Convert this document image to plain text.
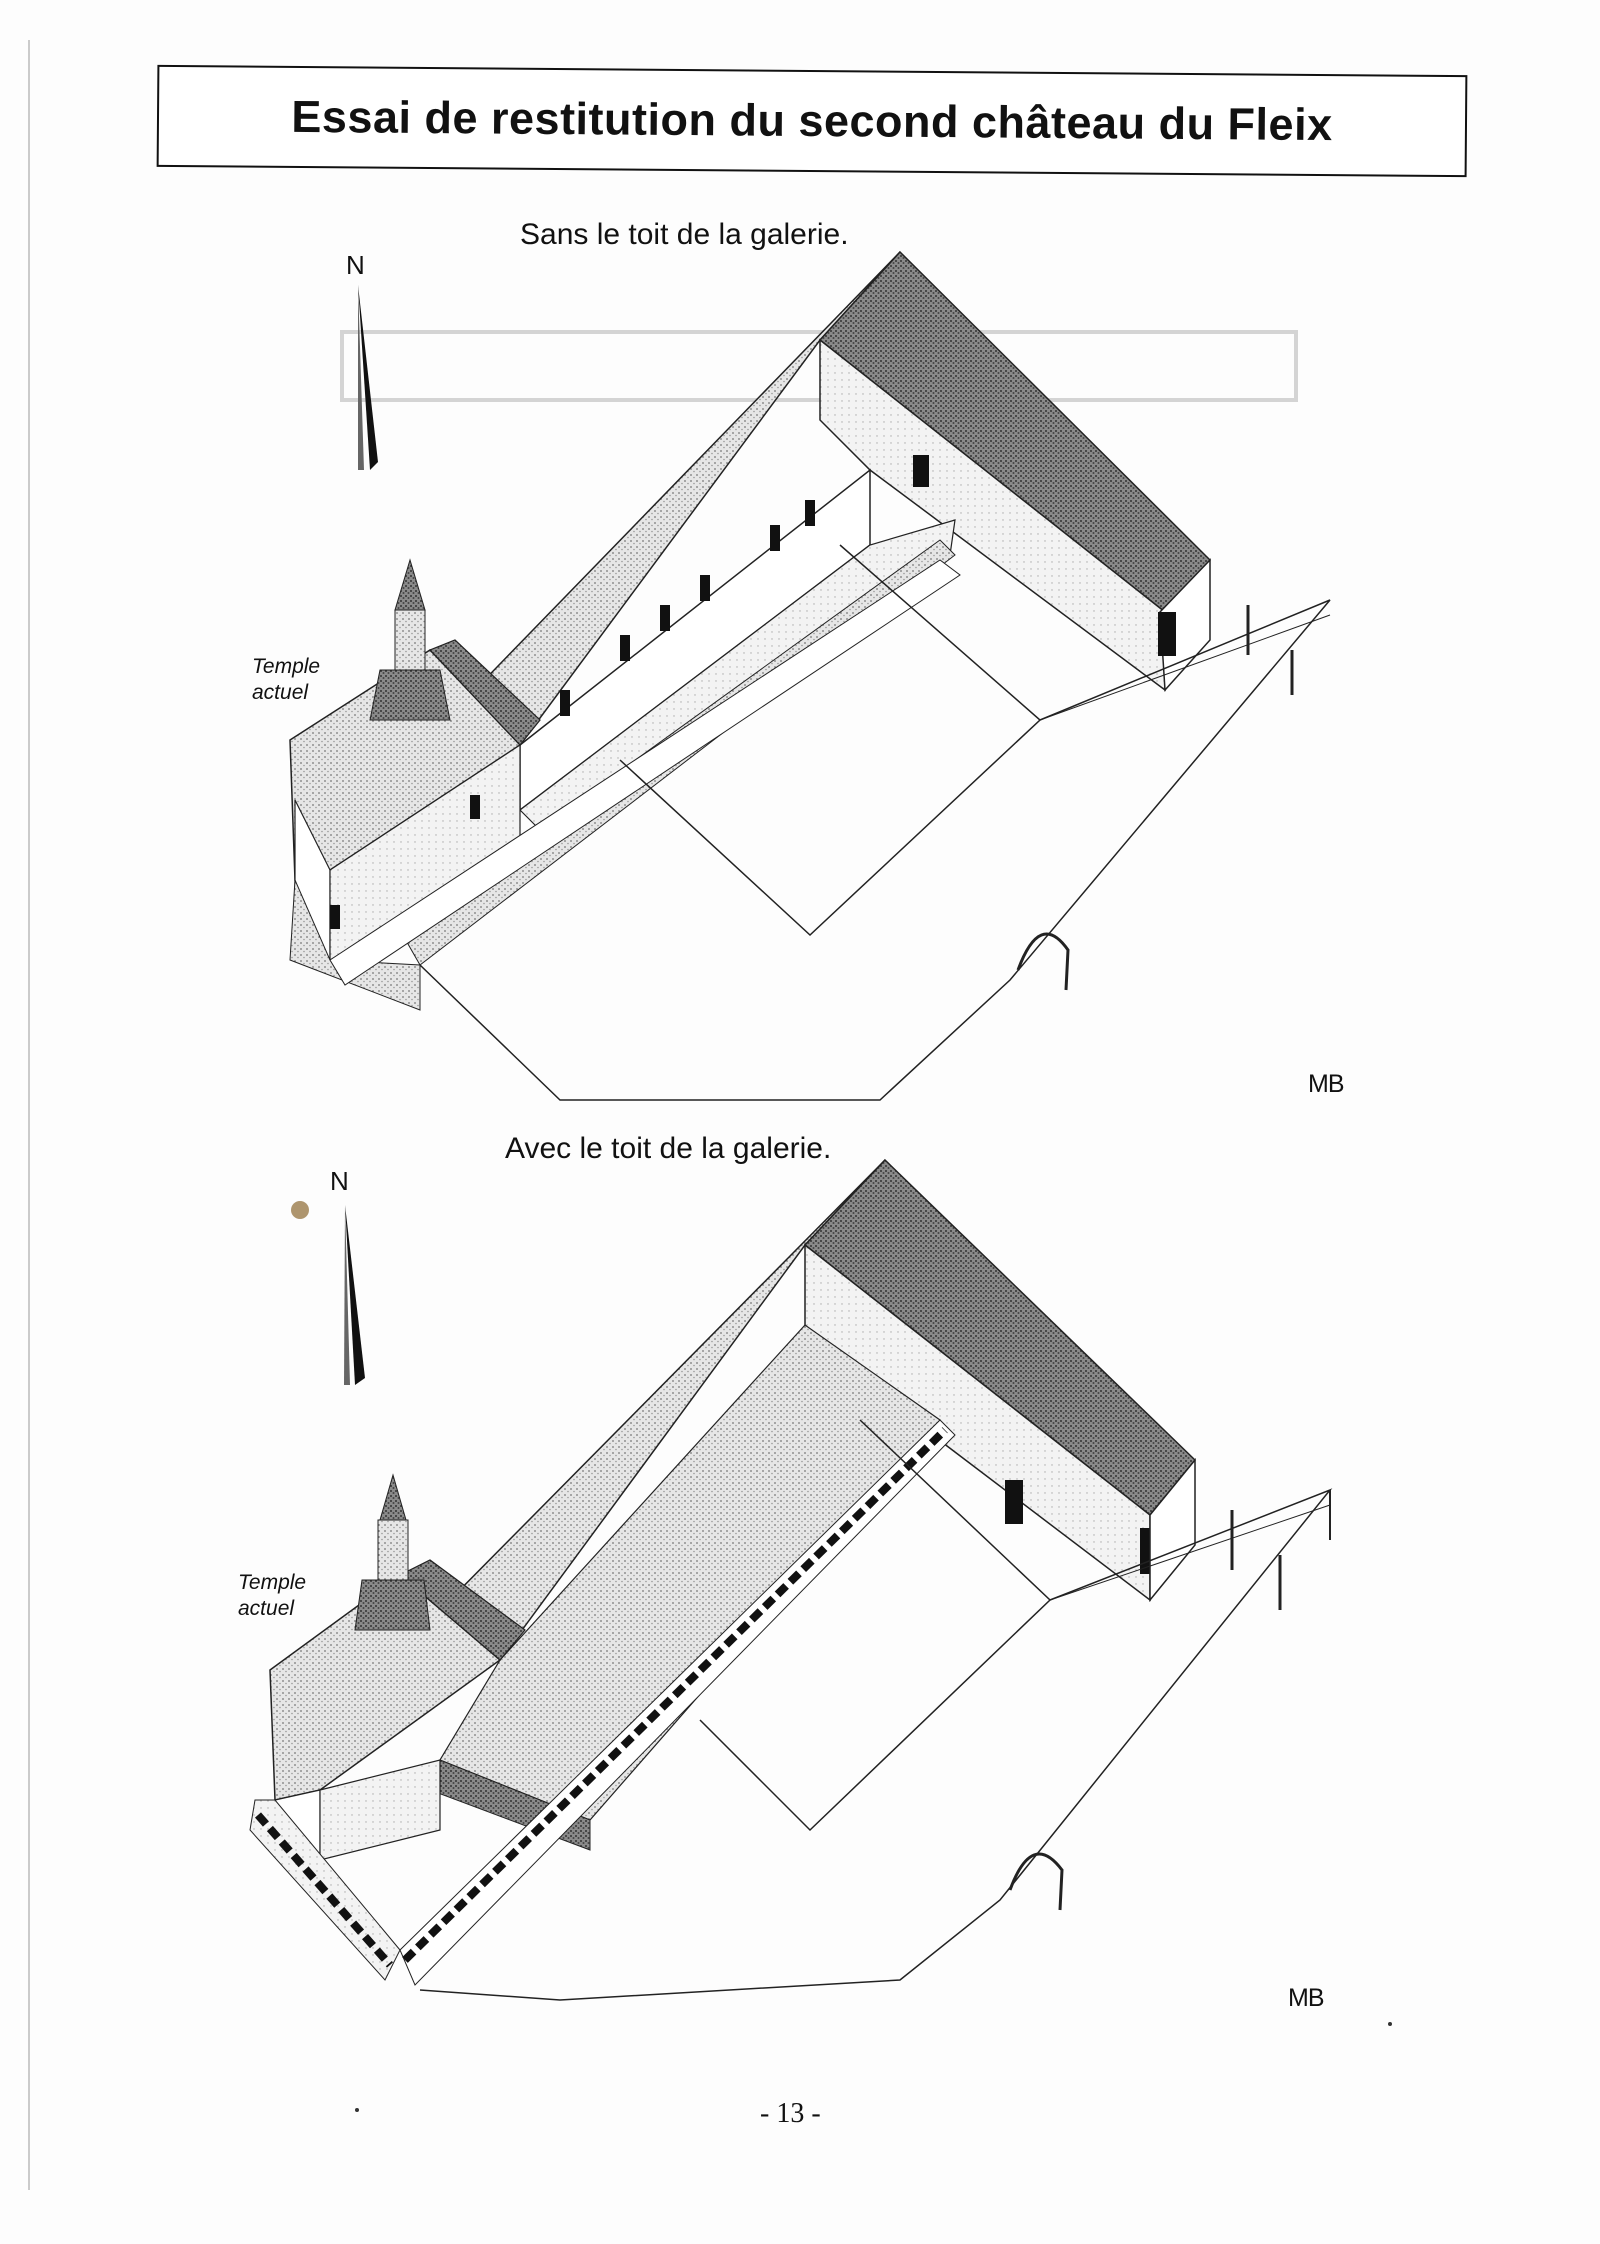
Essai de restitution du second château du Fleix
Sans le toit de la galerie.
Avec le toit de la galerie.
N
N
Temple
actuel
Temple
actuel
MB
MB
- 13 -
